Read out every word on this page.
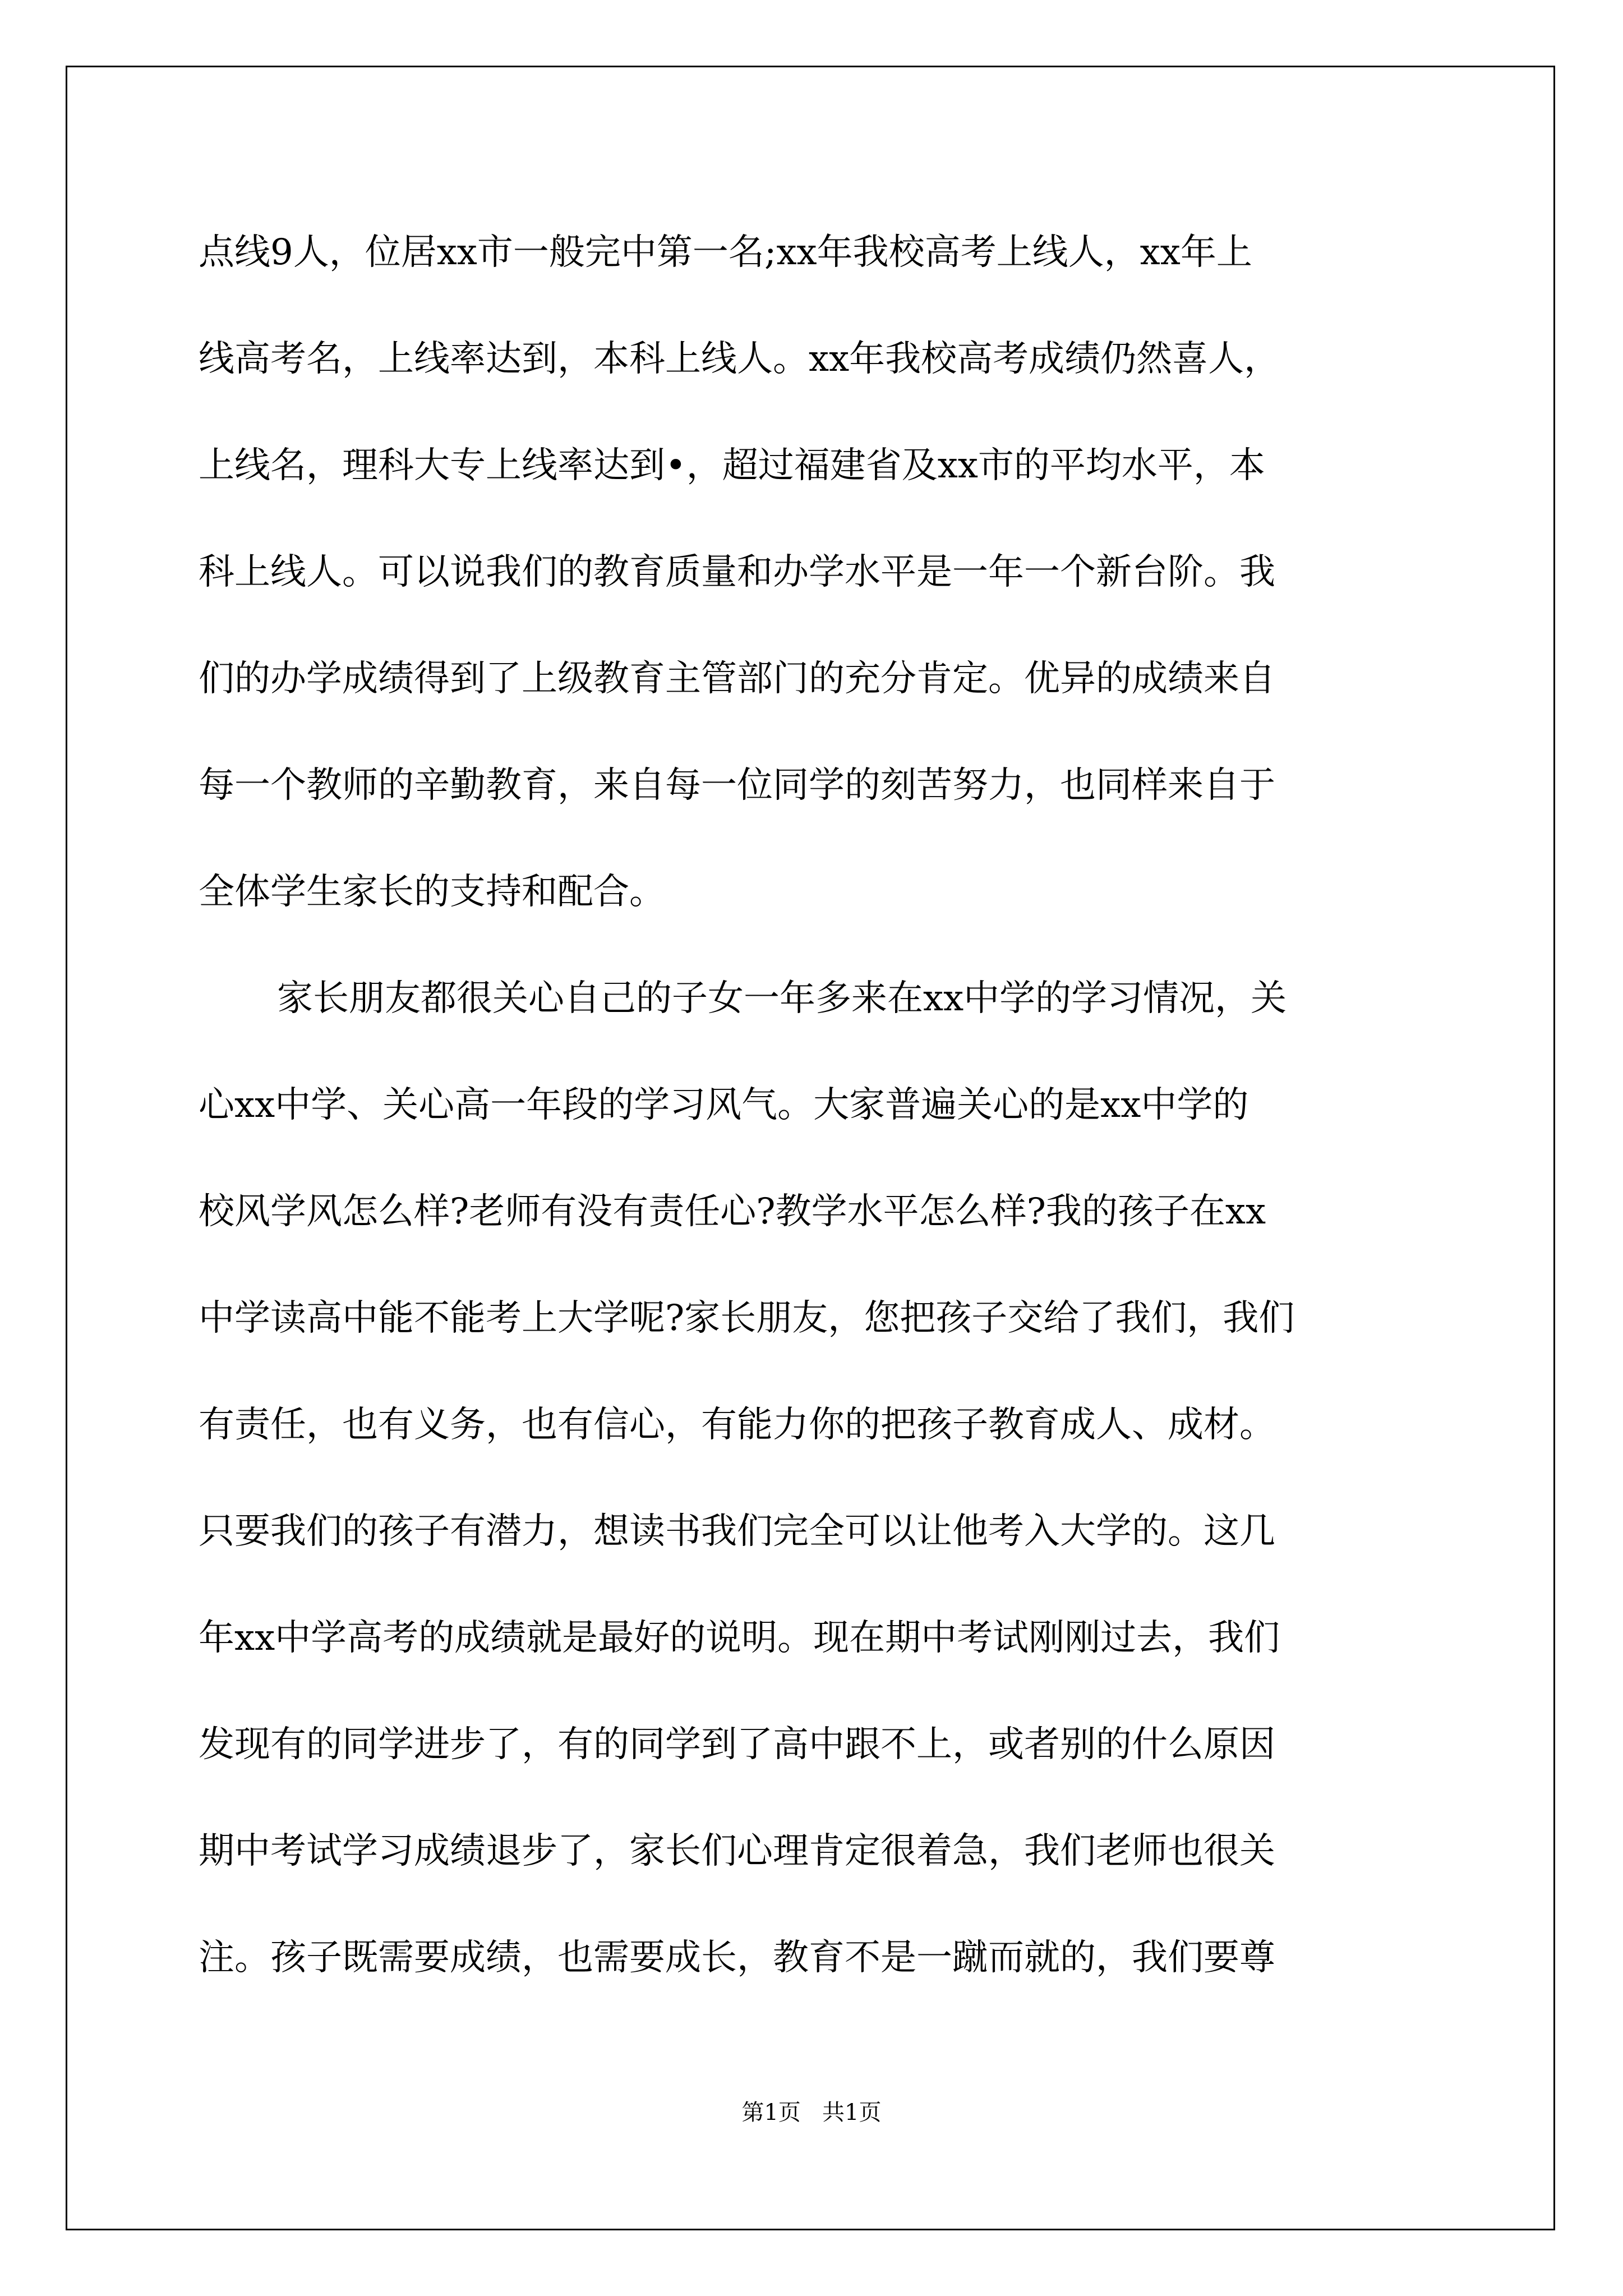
点线9人，位居xx市一般完中第一名;xx年我校高考上线人，xx年上
线高考名，上线率达到，本科上线人。xx年我校高考成绩仍然喜人，
上线名，理科大专上线率达到•，超过福建省及xx市的平均水平，本
科上线人。可以说我们的教育质量和办学水平是一年一个新台阶。我
们的办学成绩得到了上级教育主管部门的充分肯定。优异的成绩来自
每一个教师的辛勤教育，来自每一位同学的刻苦努力，也同样来自于
全体学生家长的支持和配合。
家长朋友都很关心自己的子女一年多来在xx中学的学习情况，关
心xx中学、关心高一年段的学习风气。大家普遍关心的是xx中学的
校风学风怎么样?老师有没有责任心?教学水平怎么样?我的孩子在xx
中学读高中能不能考上大学呢?家长朋友，您把孩子交给了我们，我们
有责任，也有义务，也有信心，有能力你的把孩子教育成人、成材。
只要我们的孩子有潜力，想读书我们完全可以让他考入大学的。这几
年xx中学高考的成绩就是最好的说明。现在期中考试刚刚过去，我们
发现有的同学进步了，有的同学到了高中跟不上，或者别的什么原因
期中考试学习成绩退步了，家长们心理肯定很着急，我们老师也很关
注。孩子既需要成绩，也需要成长，教育不是一蹴而就的，我们要尊
第1页   共1页
